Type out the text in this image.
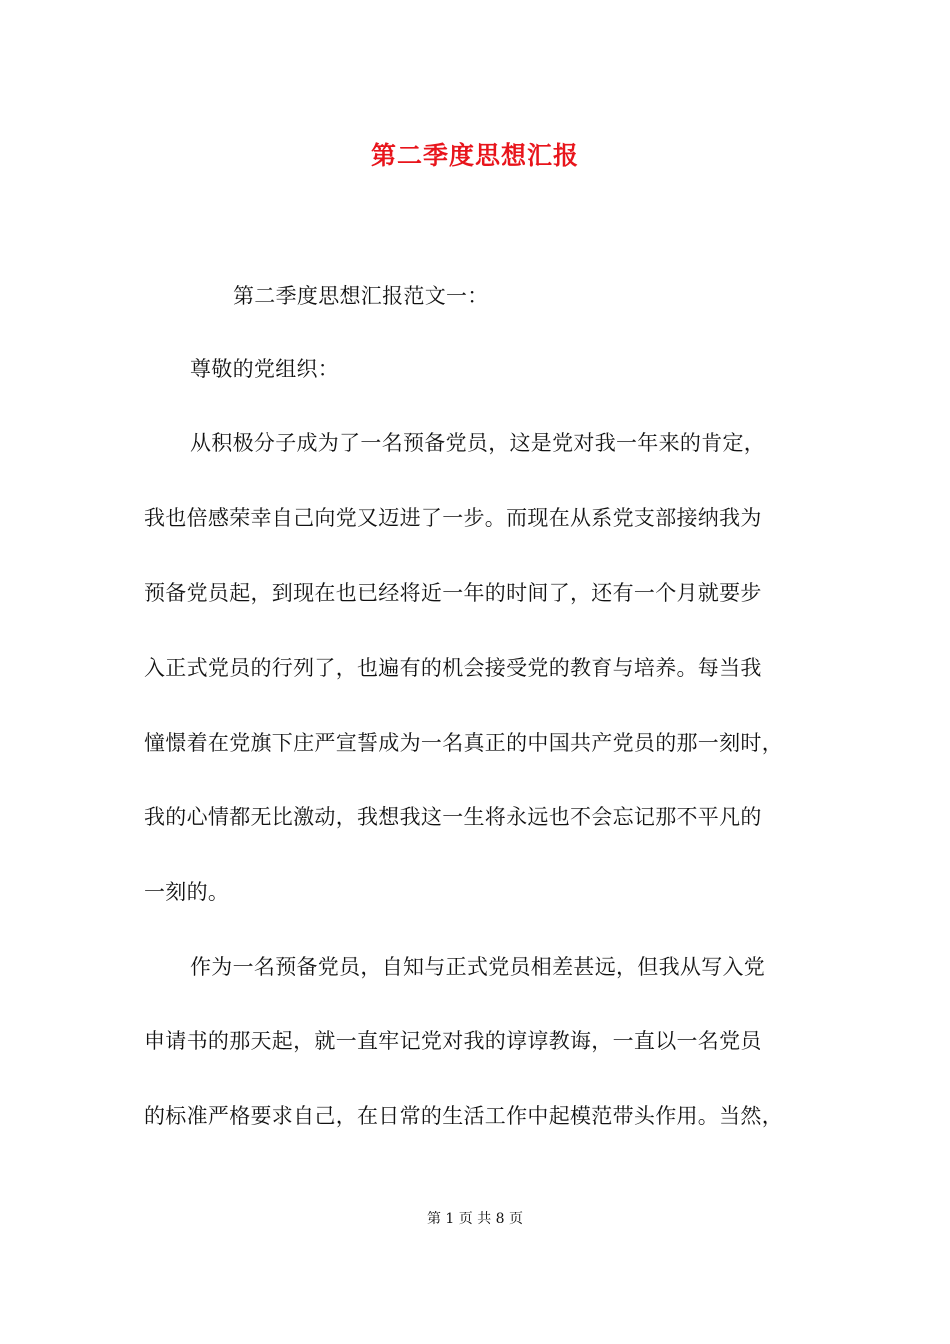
第二季度思想汇报
第二季度思想汇报范文一：
尊敬的党组织：
从积极分子成为了一名预备党员，这是党对我一年来的肯定，
我也倍感荣幸自己向党又迈进了一步。而现在从系党支部接纳我为
预备党员起，到现在也已经将近一年的时间了，还有一个月就要步
入正式党员的行列了，也遍有的机会接受党的教育与培养。每当我
憧憬着在党旗下庄严宣誓成为一名真正的中国共产党员的那一刻时，
我的心情都无比激动，我想我这一生将永远也不会忘记那不平凡的
一刻的。
作为一名预备党员，自知与正式党员相差甚远，但我从写入党
申请书的那天起，就一直牢记党对我的谆谆教诲，一直以一名党员
的标准严格要求自己，在日常的生活工作中起模范带头作用。当然，
第 1 页 共 8 页
